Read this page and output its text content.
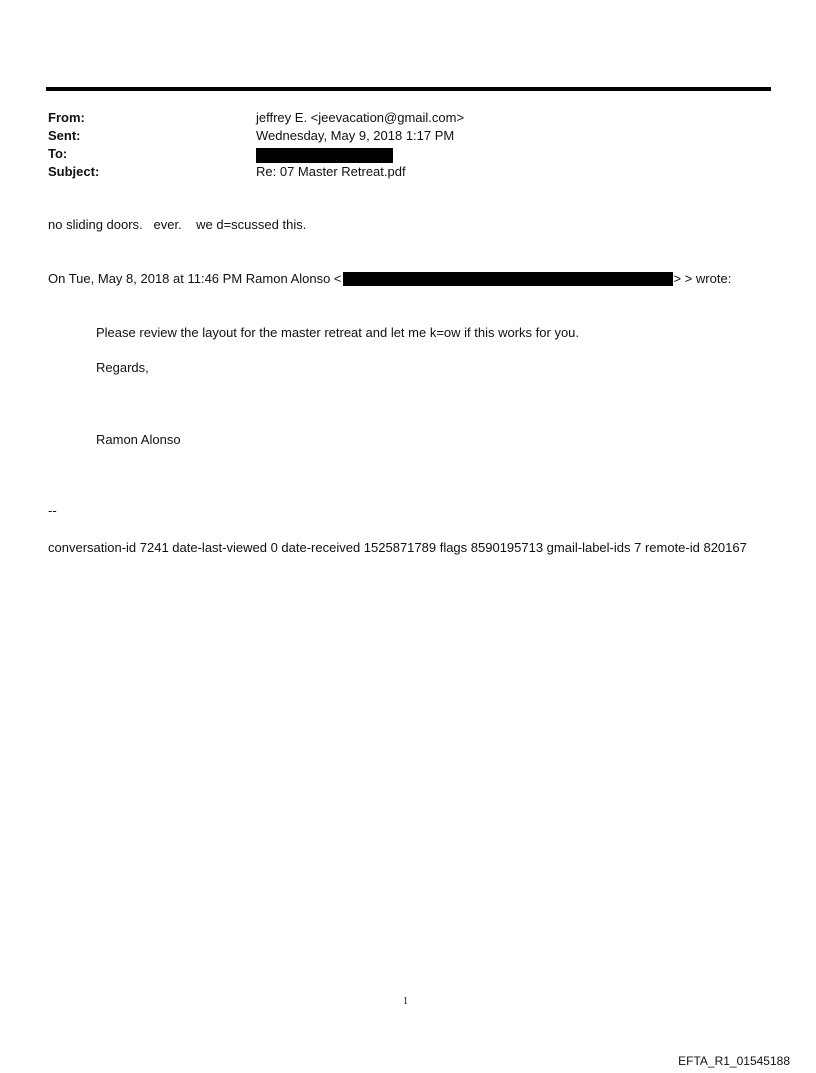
From:	jeffrey E. <jeevacation@gmail.com>
Sent:	Wednesday, May 9, 2018 1:17 PM
To:
Subject:	Re: 07 Master Retreat.pdf
no sliding doors.   ever.    we d=scussed this.
On Tue, May 8, 2018 at 11:46 PM Ramon Alonso <	> > wrote:
Please review the layout for the master retreat and let me k=ow if this works for you.
Regards,
Ramon Alonso
--
conversation-id 7241 date-last-viewed 0 date-received 1525871789 flags 8590195713 gmail-label-ids 7 remote-id 820167
1
EFTA_R1_01545188
